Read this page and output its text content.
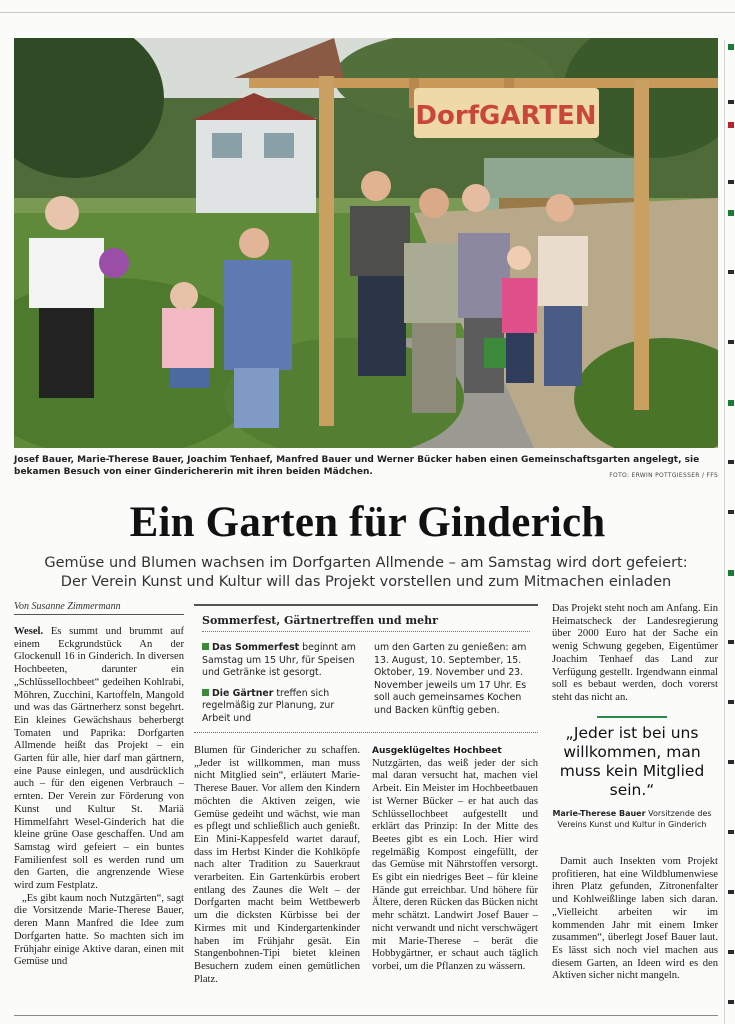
DorfGARTEN
Josef Bauer, Marie-Therese Bauer, Joachim Tenhaef, Manfred Bauer und Werner Bücker haben einen Gemeinschaftsgarten angelegt, sie bekamen Besuch von einer Ginderichererin mit ihren beiden Mädchen.	FOTO: ERWIN POTTGIESSER / FFS
Ein Garten für Ginderich
Gemüse und Blumen wachsen im Dorfgarten Allmende – am Samstag wird dort gefeiert:
Der Verein Kunst und Kultur will das Projekt vorstellen und zum Mitmachen einladen
Von Susanne Zimmermann

Wesel. Es summt und brummt auf einem Eckgrundstück An der Glockenull 16 in Ginderich. In diversen Hochbeeten, darunter ein „Schlüssellochbeet“ gedeihen Kohlrabi, Möhren, Zucchini, Kartoffeln, Mangold und was das Gärtnerherz sonst begehrt. Ein kleines Gewächshaus beherbergt Tomaten und Paprika: Dorfgarten Allmende heißt das Projekt – ein Garten für alle, hier darf man gärtnern, eine Pause einlegen, und ausdrücklich auch – für den eigenen Verbrauch – ernten. Der Verein zur Förderung von Kunst und Kultur St. Mariä Himmelfahrt Wesel-Ginderich hat die kleine grüne Oase geschaffen. Und am Samstag wird gefeiert – ein buntes Familienfest soll es werden rund um den Garten, die angrenzende Wiese wird zum Festplatz.

„Es gibt kaum noch Nutzgärten“, sagt die Vorsitzende Marie-Therese Bauer, deren Mann Manfred die Idee zum Dorfgarten hatte. So machten sich im Frühjahr einige Aktive daran, einen mit Gemüse und

Sommerfest, Gärtnertreffen und mehr

Das Sommerfest beginnt am Samstag um 15 Uhr, für Speisen und Getränke ist gesorgt.

Die Gärtner treffen sich regelmäßig zur Planung, zur Arbeit und

um den Garten zu genießen: am 13. August, 10. September, 15. Oktober, 19. November und 23. November jeweils um 17 Uhr. Es soll auch gemeinsames Kochen und Backen künftig geben.

Blumen für Gindericher zu schaffen. „Jeder ist willkommen, man muss nicht Mitglied sein“, erläutert Marie-Therese Bauer. Vor allem den Kindern möchten die Aktiven zeigen, wie Gemüse gedeiht und wächst, wie man es pflegt und schließlich auch genießt. Ein Mini-Kappesfeld wartet darauf, dass im Herbst Kinder die Kohlköpfe nach alter Tradition zu Sauerkraut verarbeiten. Ein Gartenkürbis erobert entlang des Zaunes die Welt – der Dorfgarten macht beim Wettbewerb um die dicksten Kürbisse bei der Kirmes mit und Kindergartenkinder haben im Frühjahr gesät. Ein Stangenbohnen-Tipi bietet kleinen Besuchern zudem einen gemütlichen Platz.

Ausgeklügeltes Hochbeet

Nutzgärten, das weiß jeder der sich mal daran versucht hat, machen viel Arbeit. Ein Meister im Hochbeetbauen ist Werner Bücker – er hat auch das Schlüssellochbeet aufgestellt und erklärt das Prinzip: In der Mitte des Beetes gibt es ein Loch. Hier wird regelmäßig Kompost eingefüllt, der das Gemüse mit Nährstoffen versorgt. Es gibt ein niedriges Beet – für kleine Hände gut erreichbar. Und höhere für Ältere, deren Rücken das Bücken nicht mehr schätzt. Landwirt Josef Bauer – nicht verwandt und nicht verschwägert mit Marie-Therese – berät die Hobbygärtner, er schaut auch täglich vorbei, um die Pflanzen zu wässern.

Das Projekt steht noch am Anfang. Ein Heimatscheck der Landesregierung über 2000 Euro hat der Sache ein wenig Schwung gegeben, Eigentümer Joachim Tenhaef das Land zur Verfügung gestellt. Irgendwann einmal soll es bebaut werden, doch vorerst steht das nicht an.

„Jeder ist bei uns willkommen, man muss kein Mitglied sein.“
Marie-Therese Bauer Vorsitzende des Vereins Kunst und Kultur in Ginderich

Damit auch Insekten vom Projekt profitieren, hat eine Wildblumenwiese ihren Platz gefunden, Zitronenfalter und Kohlweißlinge laben sich daran. „Vielleicht arbeiten wir im kommenden Jahr mit einem Imker zusammen“, überlegt Josef Bauer laut. Es lässt sich noch viel machen aus diesem Garten, an Ideen wird es den Aktiven sicher nicht mangeln.
